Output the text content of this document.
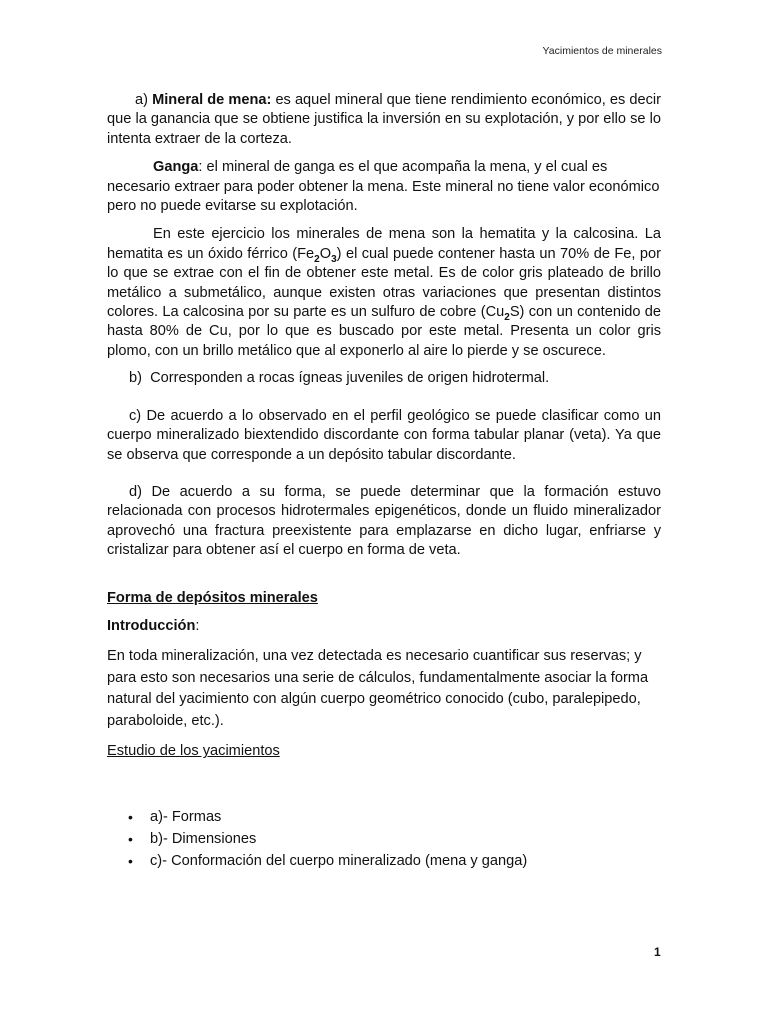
Yacimientos de minerales

a) Mineral de mena: es aquel mineral que tiene rendimiento económico, es decir que la ganancia que se obtiene justifica la inversión en su explotación, y por ello se lo intenta extraer de la corteza.

Ganga: el mineral de ganga es el que acompaña la mena, y el cual es necesario extraer para poder obtener la mena. Este mineral no tiene valor económico pero no puede evitarse su explotación.

En este ejercicio los minerales de mena son la hematita y la calcosina. La hematita es un óxido férrico $(Fe_2O_3)$ el cual puede contener hasta un 70% de Fe, por lo que se extrae con el fin de obtener este metal. Es de color gris plateado de brillo metálico a submetálico, aunque existen otras variaciones que presentan distintos colores. La calcosina por su parte es un sulfuro de cobre $(Cu_2S)$ con un contenido de hasta 80% de Cu, por lo que es buscado por este metal. Presenta un color gris plomo, con un brillo metálico que al exponerlo al aire lo pierde y se oscurece.

b) Corresponden a rocas ígneas juveniles de origen hidrotermal.

c) De acuerdo a lo observado en el perfil geológico se puede clasificar como un cuerpo mineralizado biextendido discordante con forma tabular planar (veta). Ya que se observa que corresponde a un depósito tabular discordante.

d) De acuerdo a su forma, se puede determinar que la formación estuvo relacionada con procesos hidrotermales epigenéticos, donde un fluido mineralizador aprovechó una fractura preexistente para emplazarse en dicho lugar, enfriarse y cristalizar para obtener así el cuerpo en forma de veta.

Forma de depósitos minerales

Introducción:

En toda mineralización, una vez detectada es necesario cuantificar sus reservas; y para esto son necesarios una serie de cálculos, fundamentalmente asociar la forma natural del yacimiento con algún cuerpo geométrico conocido (cubo, paralepipedo, paraboloide, etc.).

Estudio de los yacimientos

• a)- Formas
• b)- Dimensiones
• c)- Conformación del cuerpo mineralizado (mena y ganga)
1
